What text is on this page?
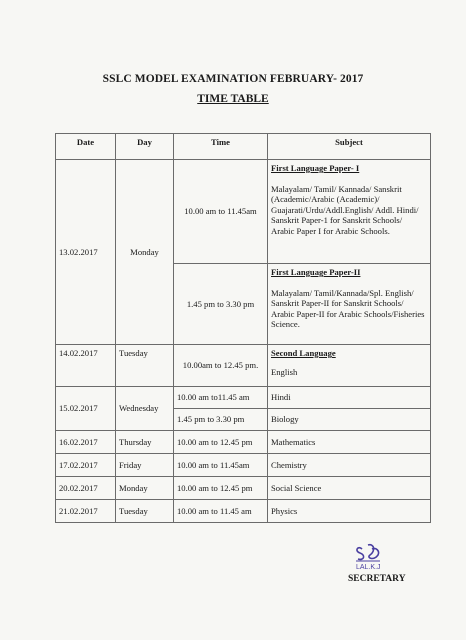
SSLC MODEL EXAMINATION FEBRUARY- 2017
TIME TABLE
Date	Day	Time	Subject
13.02.2017	Monday	10.00 am to 11.45am	First Language Paper- I
Malayalam/ Tamil/ Kannada/ Sanskrit (Academic/Arabic (Academic)/ Guajarati/Urdu/Addl.English/ Addl. Hindi/ Sanskrit Paper-1 for Sanskrit Schools/ Arabic Paper I for Arabic Schools.

		1.45 pm to 3.30 pm	First Language Paper-II
Malayalam/ Tamil/Kannada/Spl. English/ Sanskrit Paper-II for Sanskrit Schools/ Arabic Paper-II for Arabic Schools/Fisheries Science.

14.02.2017	Tuesday	10.00am to 12.45 pm.	Second Language
English

15.02.2017	Wednesday	10.00 am to11.45 am	Hindi
		1.45 pm to 3.30 pm	Biology
16.02.2017	Thursday	10.00 am to 12.45 pm	Mathematics
17.02.2017	Friday	10.00 am to 11.45am	Chemistry
20.02.2017	Monday	10.00 am to 12.45 pm	Social Science
21.02.2017	Tuesday	10.00 am to 11.45 am	Physics
LAL.K.J
SECRETARY
